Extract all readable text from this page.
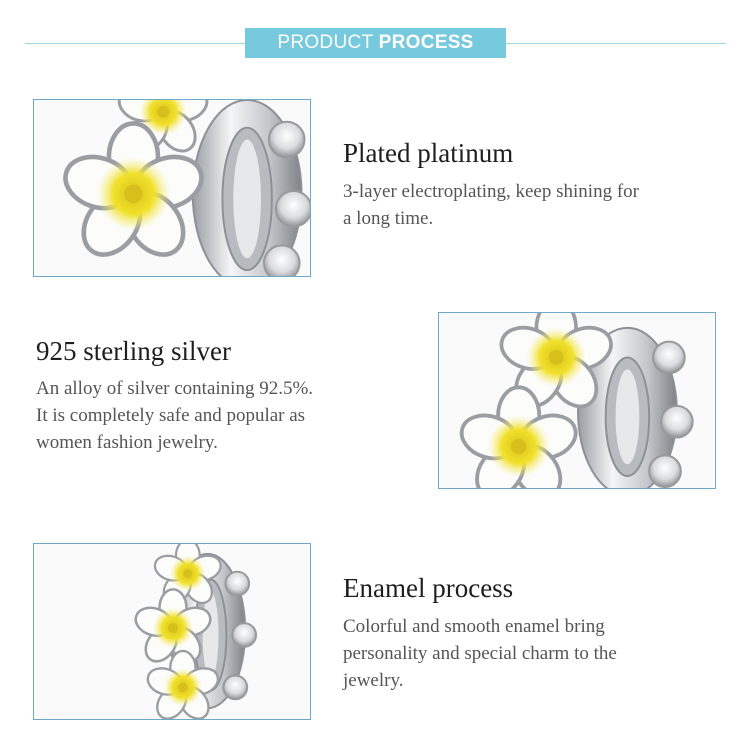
PRODUCT PROCESS
Plated platinum
3-layer electroplating, keep shining for
a long time.
925 sterling silver
An alloy of silver containing 92.5%.
It is completely safe and popular as
women fashion jewelry.
Enamel process
Colorful and smooth enamel bring
personality and special charm to the
jewelry.
